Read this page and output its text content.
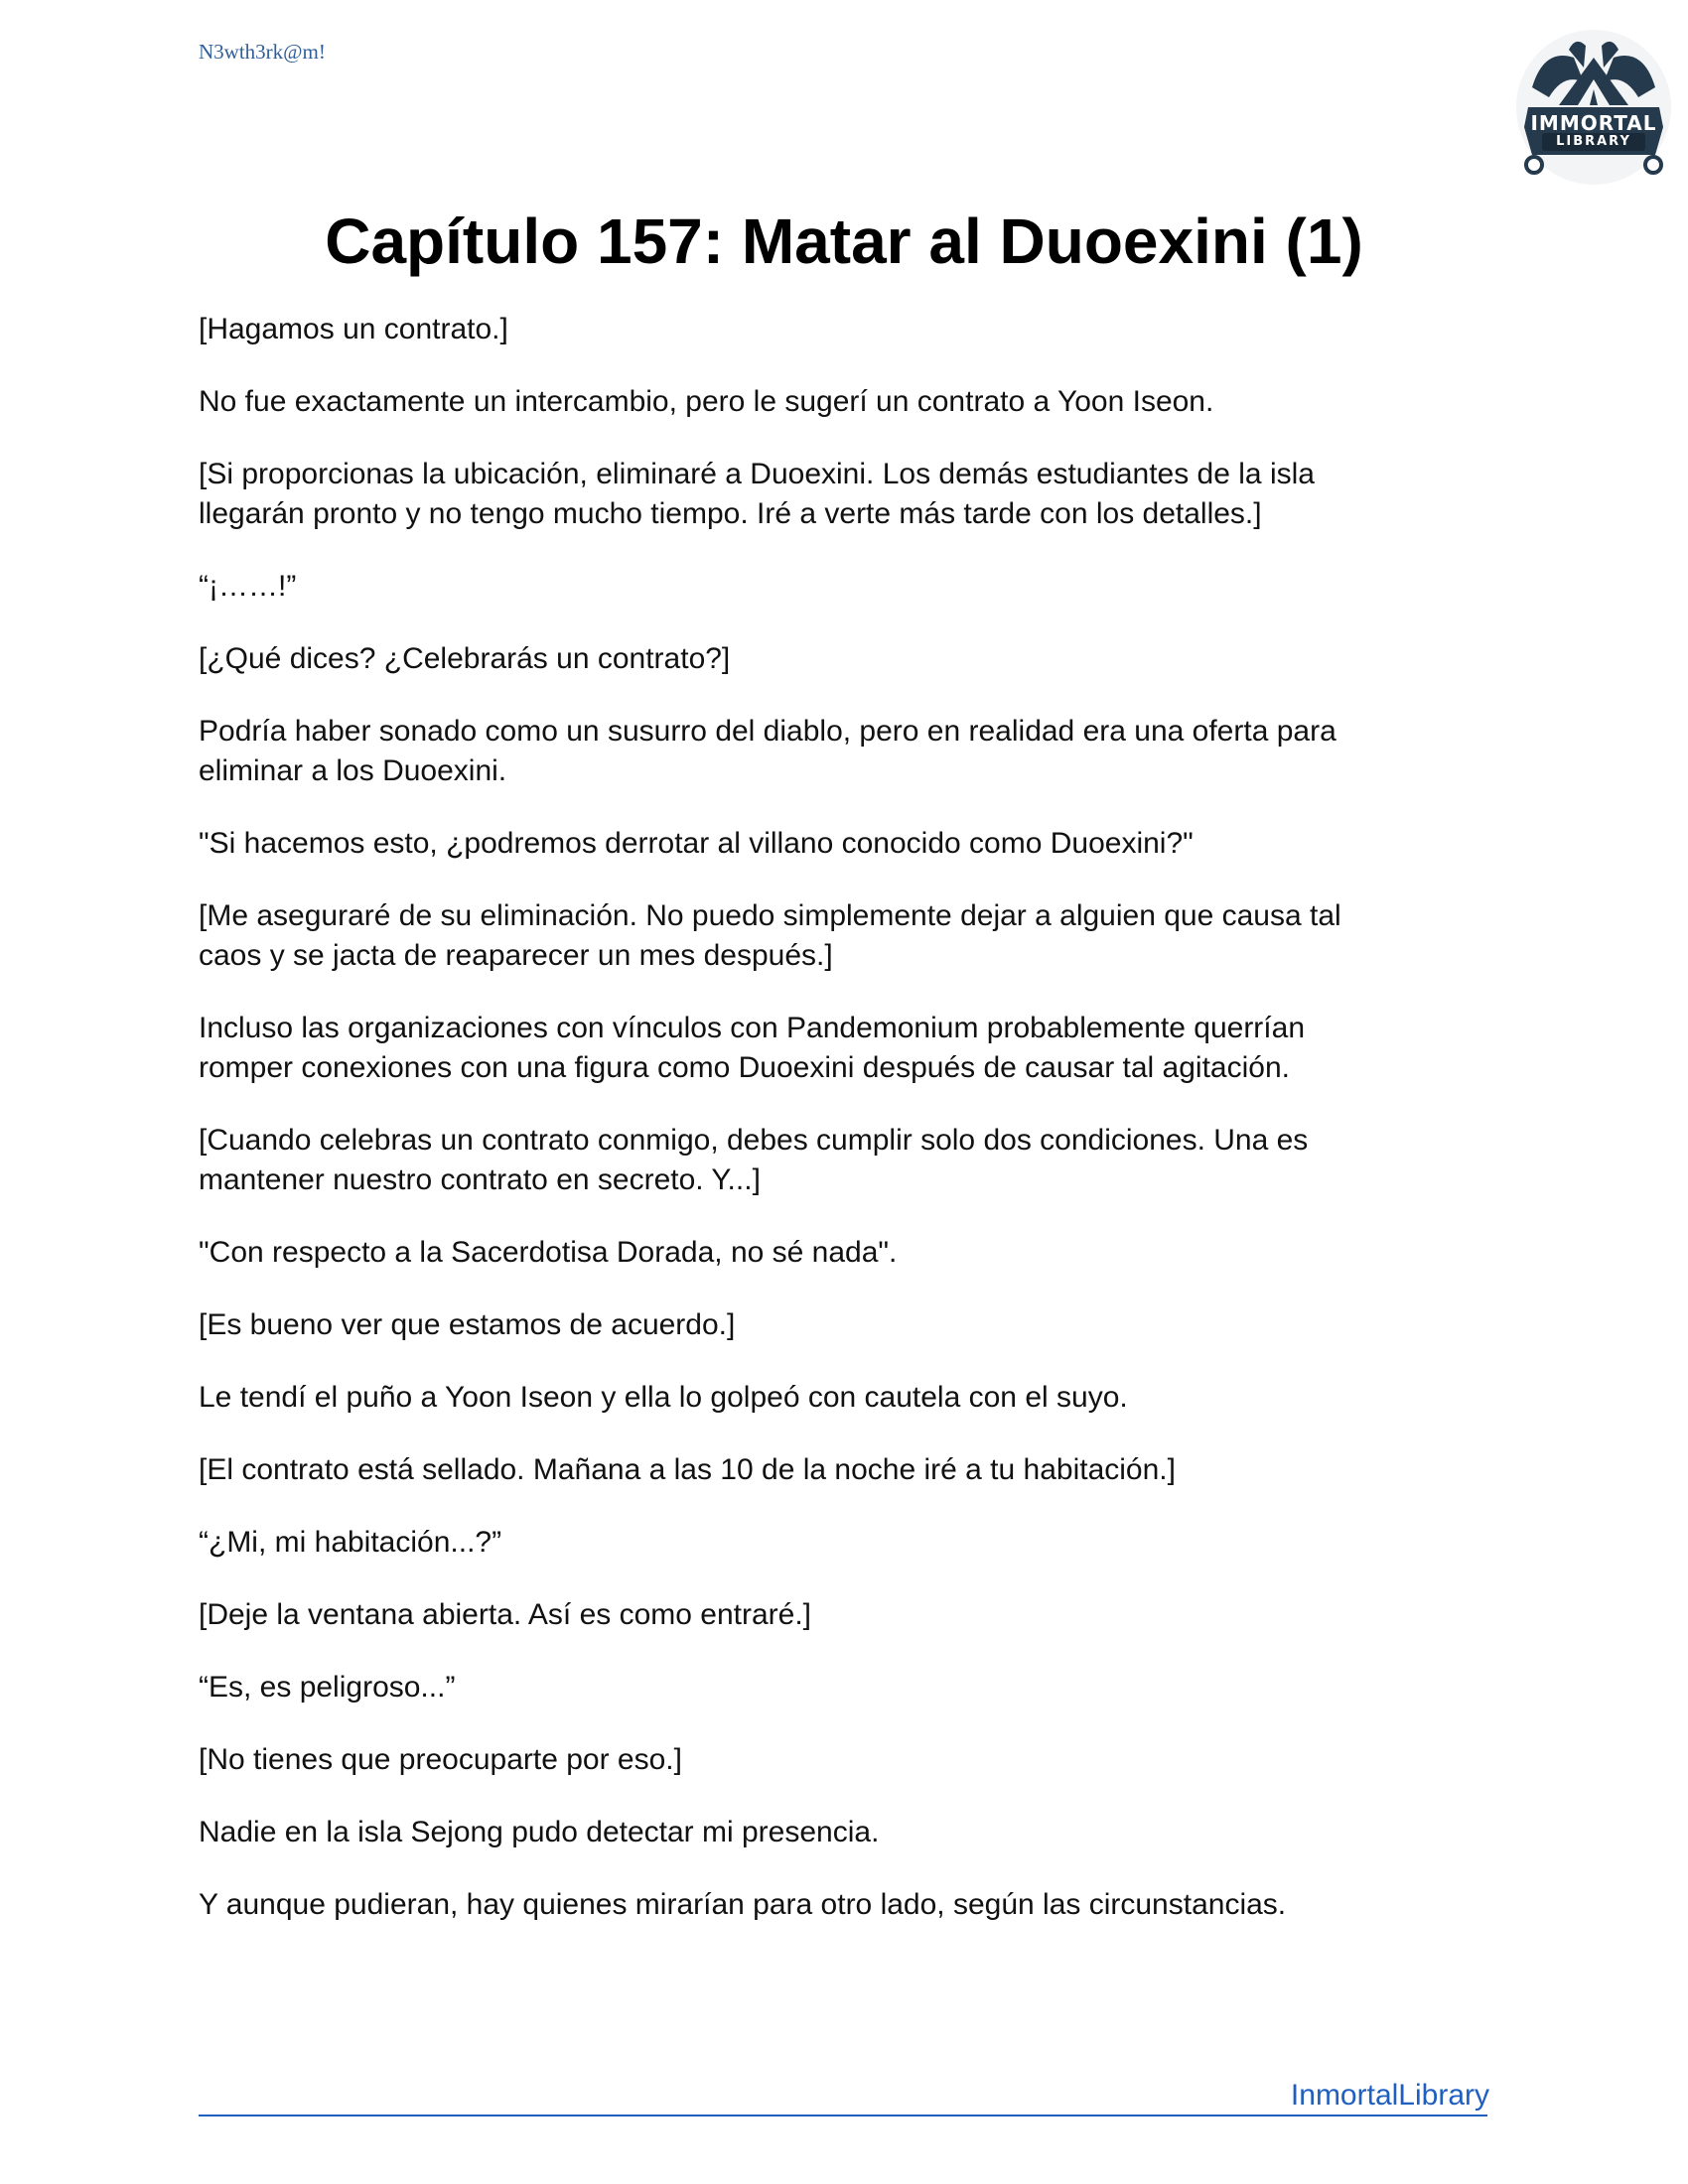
N3wth3rk@m!
IMMORTAL
LIBRARY
Capítulo 157: Matar al Duoexini (1)

[Hagamos un contrato.]

No fue exactamente un intercambio, pero le sugerí un contrato a Yoon Iseon.

[Si proporcionas la ubicación, eliminaré a Duoexini. Los demás estudiantes de la isla
llegarán pronto y no tengo mucho tiempo. Iré a verte más tarde con los detalles.]

“¡……!”

[¿Qué dices? ¿Celebrarás un contrato?]

Podría haber sonado como un susurro del diablo, pero en realidad era una oferta para
eliminar a los Duoexini.

"Si hacemos esto, ¿podremos derrotar al villano conocido como Duoexini?"

[Me aseguraré de su eliminación. No puedo simplemente dejar a alguien que causa tal
caos y se jacta de reaparecer un mes después.]

Incluso las organizaciones con vínculos con Pandemonium probablemente querrían
romper conexiones con una figura como Duoexini después de causar tal agitación.

[Cuando celebras un contrato conmigo, debes cumplir solo dos condiciones. Una es
mantener nuestro contrato en secreto. Y...]

"Con respecto a la Sacerdotisa Dorada, no sé nada".

[Es bueno ver que estamos de acuerdo.]

Le tendí el puño a Yoon Iseon y ella lo golpeó con cautela con el suyo.

[El contrato está sellado. Mañana a las 10 de la noche iré a tu habitación.]

“¿Mi, mi habitación...?”

[Deje la ventana abierta. Así es como entraré.]

“Es, es peligroso...”

[No tienes que preocuparte por eso.]

Nadie en la isla Sejong pudo detectar mi presencia.

Y aunque pudieran, hay quienes mirarían para otro lado, según las circunstancias.

InmortalLibrary
